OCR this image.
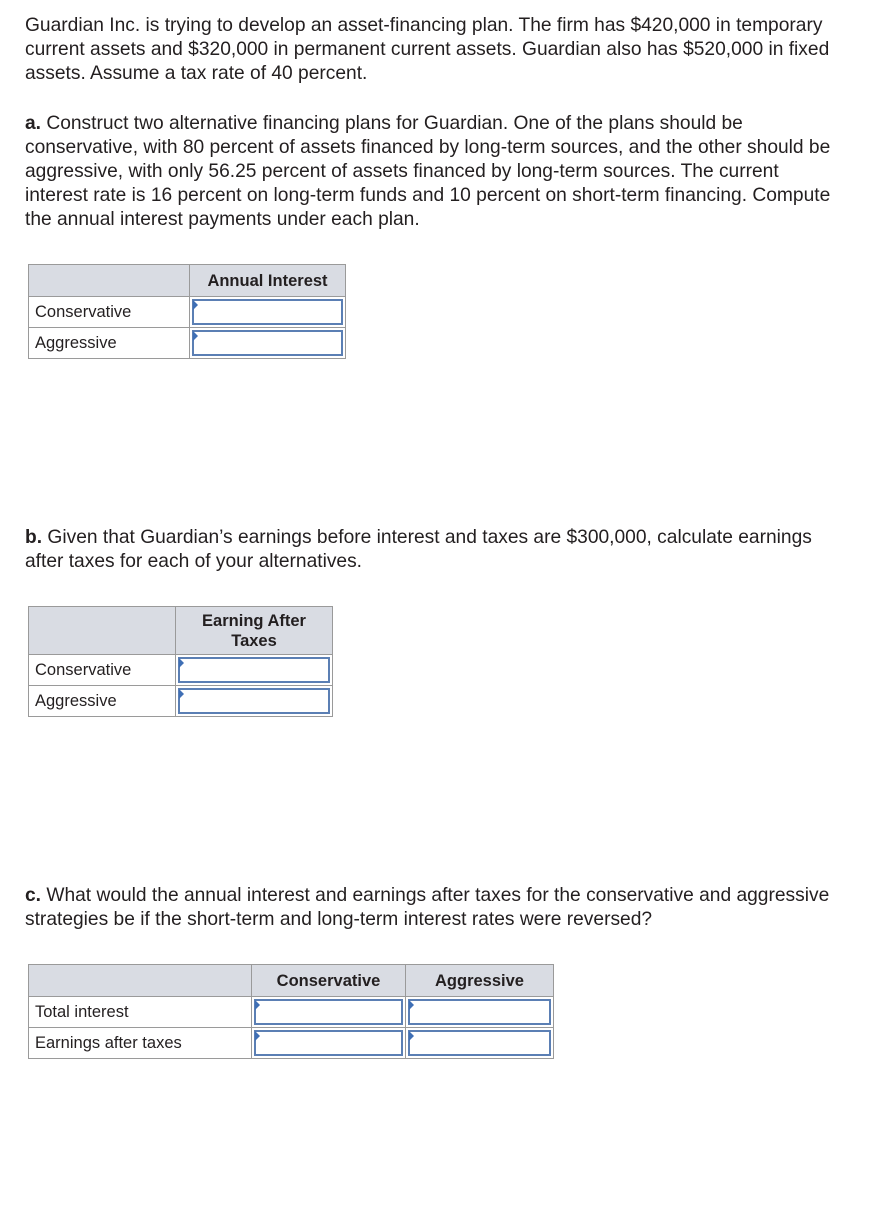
Guardian Inc. is trying to develop an asset-financing plan. The firm has $420,000 in temporary current assets and $320,000 in permanent current assets. Guardian also has $520,000 in fixed assets. Assume a tax rate of 40 percent.

a. Construct two alternative financing plans for Guardian. One of the plans should be conservative, with 80 percent of assets financed by long-term sources, and the other should be aggressive, with only 56.25 percent of assets financed by long-term sources. The current interest rate is 16 percent on long-term funds and 10 percent on short-term financing. Compute the annual interest payments under each plan.

	Annual Interest
Conservative	

Aggressive	

b. Given that Guardian’s earnings before interest and taxes are $300,000, calculate earnings after taxes for each of your alternatives.

	Earning After
Taxes
Conservative	

Aggressive	

c. What would the annual interest and earnings after taxes for the conservative and aggressive strategies be if the short-term and long-term interest rates were reversed?

	Conservative	Aggressive
Total interest	

Earnings after taxes	
